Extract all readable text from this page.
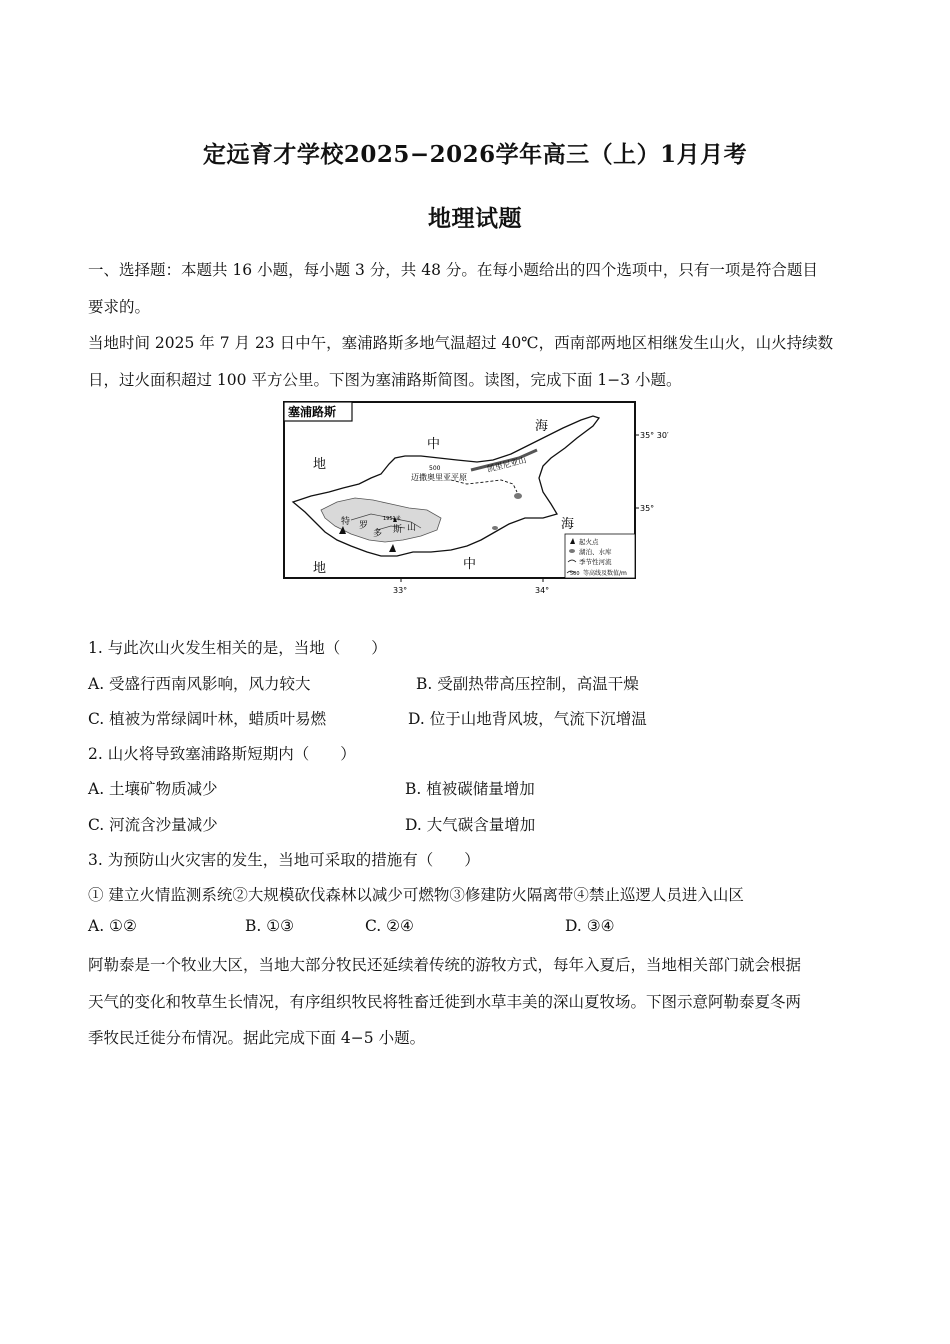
定远育才学校2025−2026学年高三（上）1月月考
地理试题
一、选择题：本题共 16 小题，每小题 3 分，共 48 分。在每小题给出的四个选项中，只有一项是符合题目
要求的。
当地时间 2025 年 7 月 23 日中午，塞浦路斯多地气温超过 40℃，西南部两地区相继发生山火，山火持续数
日，过火面积超过 100 平方公里。下图为塞浦路斯简图。读图，完成下面 1−3 小题。
塞浦路斯
地
中
海
地	中
海
凯里尼亚山
迈撒奥里亚平原
500
1951米
特 罗
多 斯 山
35° 30′
35°
33°	34°
起火点
湖泊、水库
季节性河流
500 等高线及数值/m
1. 与此次山火发生相关的是，当地（　　）
A. 受盛行西南风影响，风力较大	B. 受副热带高压控制，高温干燥
C. 植被为常绿阔叶林，蜡质叶易燃	D. 位于山地背风坡，气流下沉增温
2. 山火将导致塞浦路斯短期内（　　）
A. 土壤矿物质减少	B. 植被碳储量增加
C. 河流含沙量减少	D. 大气碳含量增加
3. 为预防山火灾害的发生，当地可采取的措施有（　　）
① 建立火情监测系统②大规模砍伐森林以减少可燃物③修建防火隔离带④禁止巡逻人员进入山区
A. ①②	B. ①③	C. ②④	D. ③④
阿勒泰是一个牧业大区，当地大部分牧民还延续着传统的游牧方式，每年入夏后，当地相关部门就会根据
天气的变化和牧草生长情况，有序组织牧民将牲畜迁徙到水草丰美的深山夏牧场。下图示意阿勒泰夏冬两
季牧民迁徙分布情况。据此完成下面 4−5 小题。
